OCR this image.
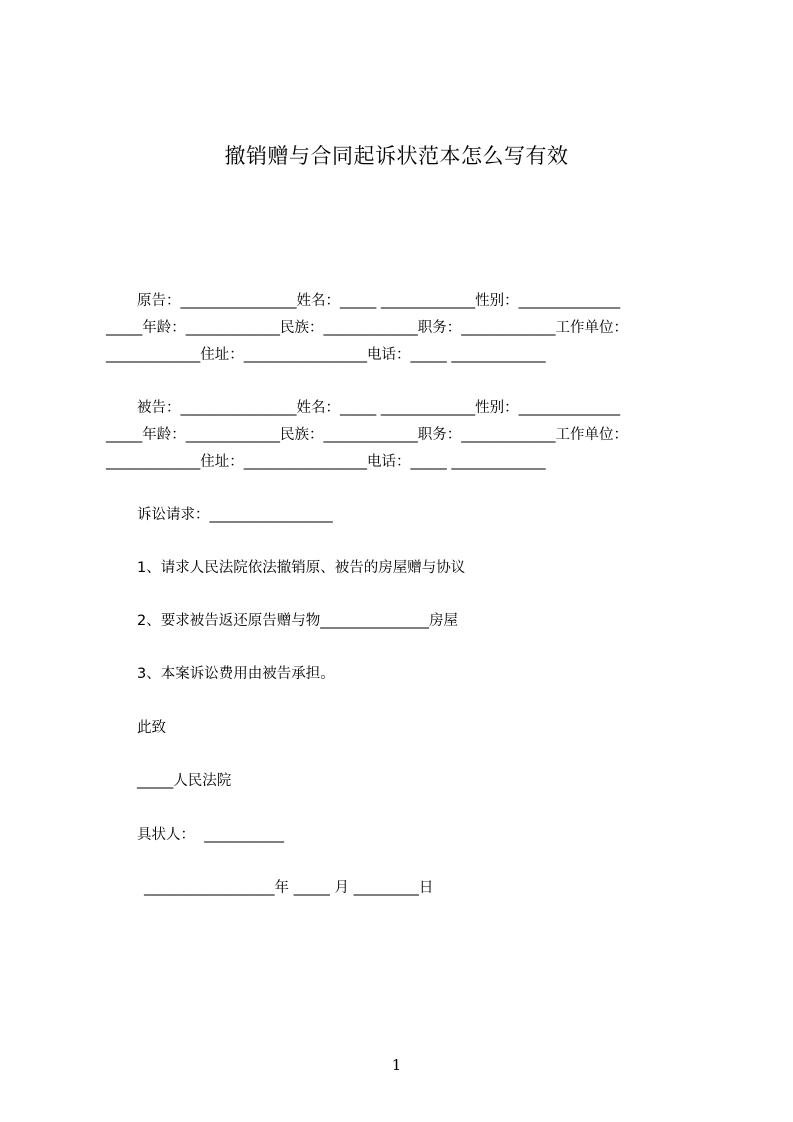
撤销赠与合同起诉状范本怎么写有效
原告：________________姓名：_____ _____________性别：______________
_____年龄：_____________民族：_____________职务：_____________工作单位：
_____________住址：_________________电话：_____ _____________
被告：________________姓名：_____ _____________性别：______________
_____年龄：_____________民族：_____________职务：_____________工作单位：
_____________住址：_________________电话：_____ _____________
诉讼请求：_________________
1、请求人民法院依法撤销原、被告的房屋赠与协议
2、要求被告返还原告赠与物_______________房屋
3、本案诉讼费用由被告承担。
此致
_____人民法院
具状人：  ___________
__________________年 _____ 月 _________日
1
